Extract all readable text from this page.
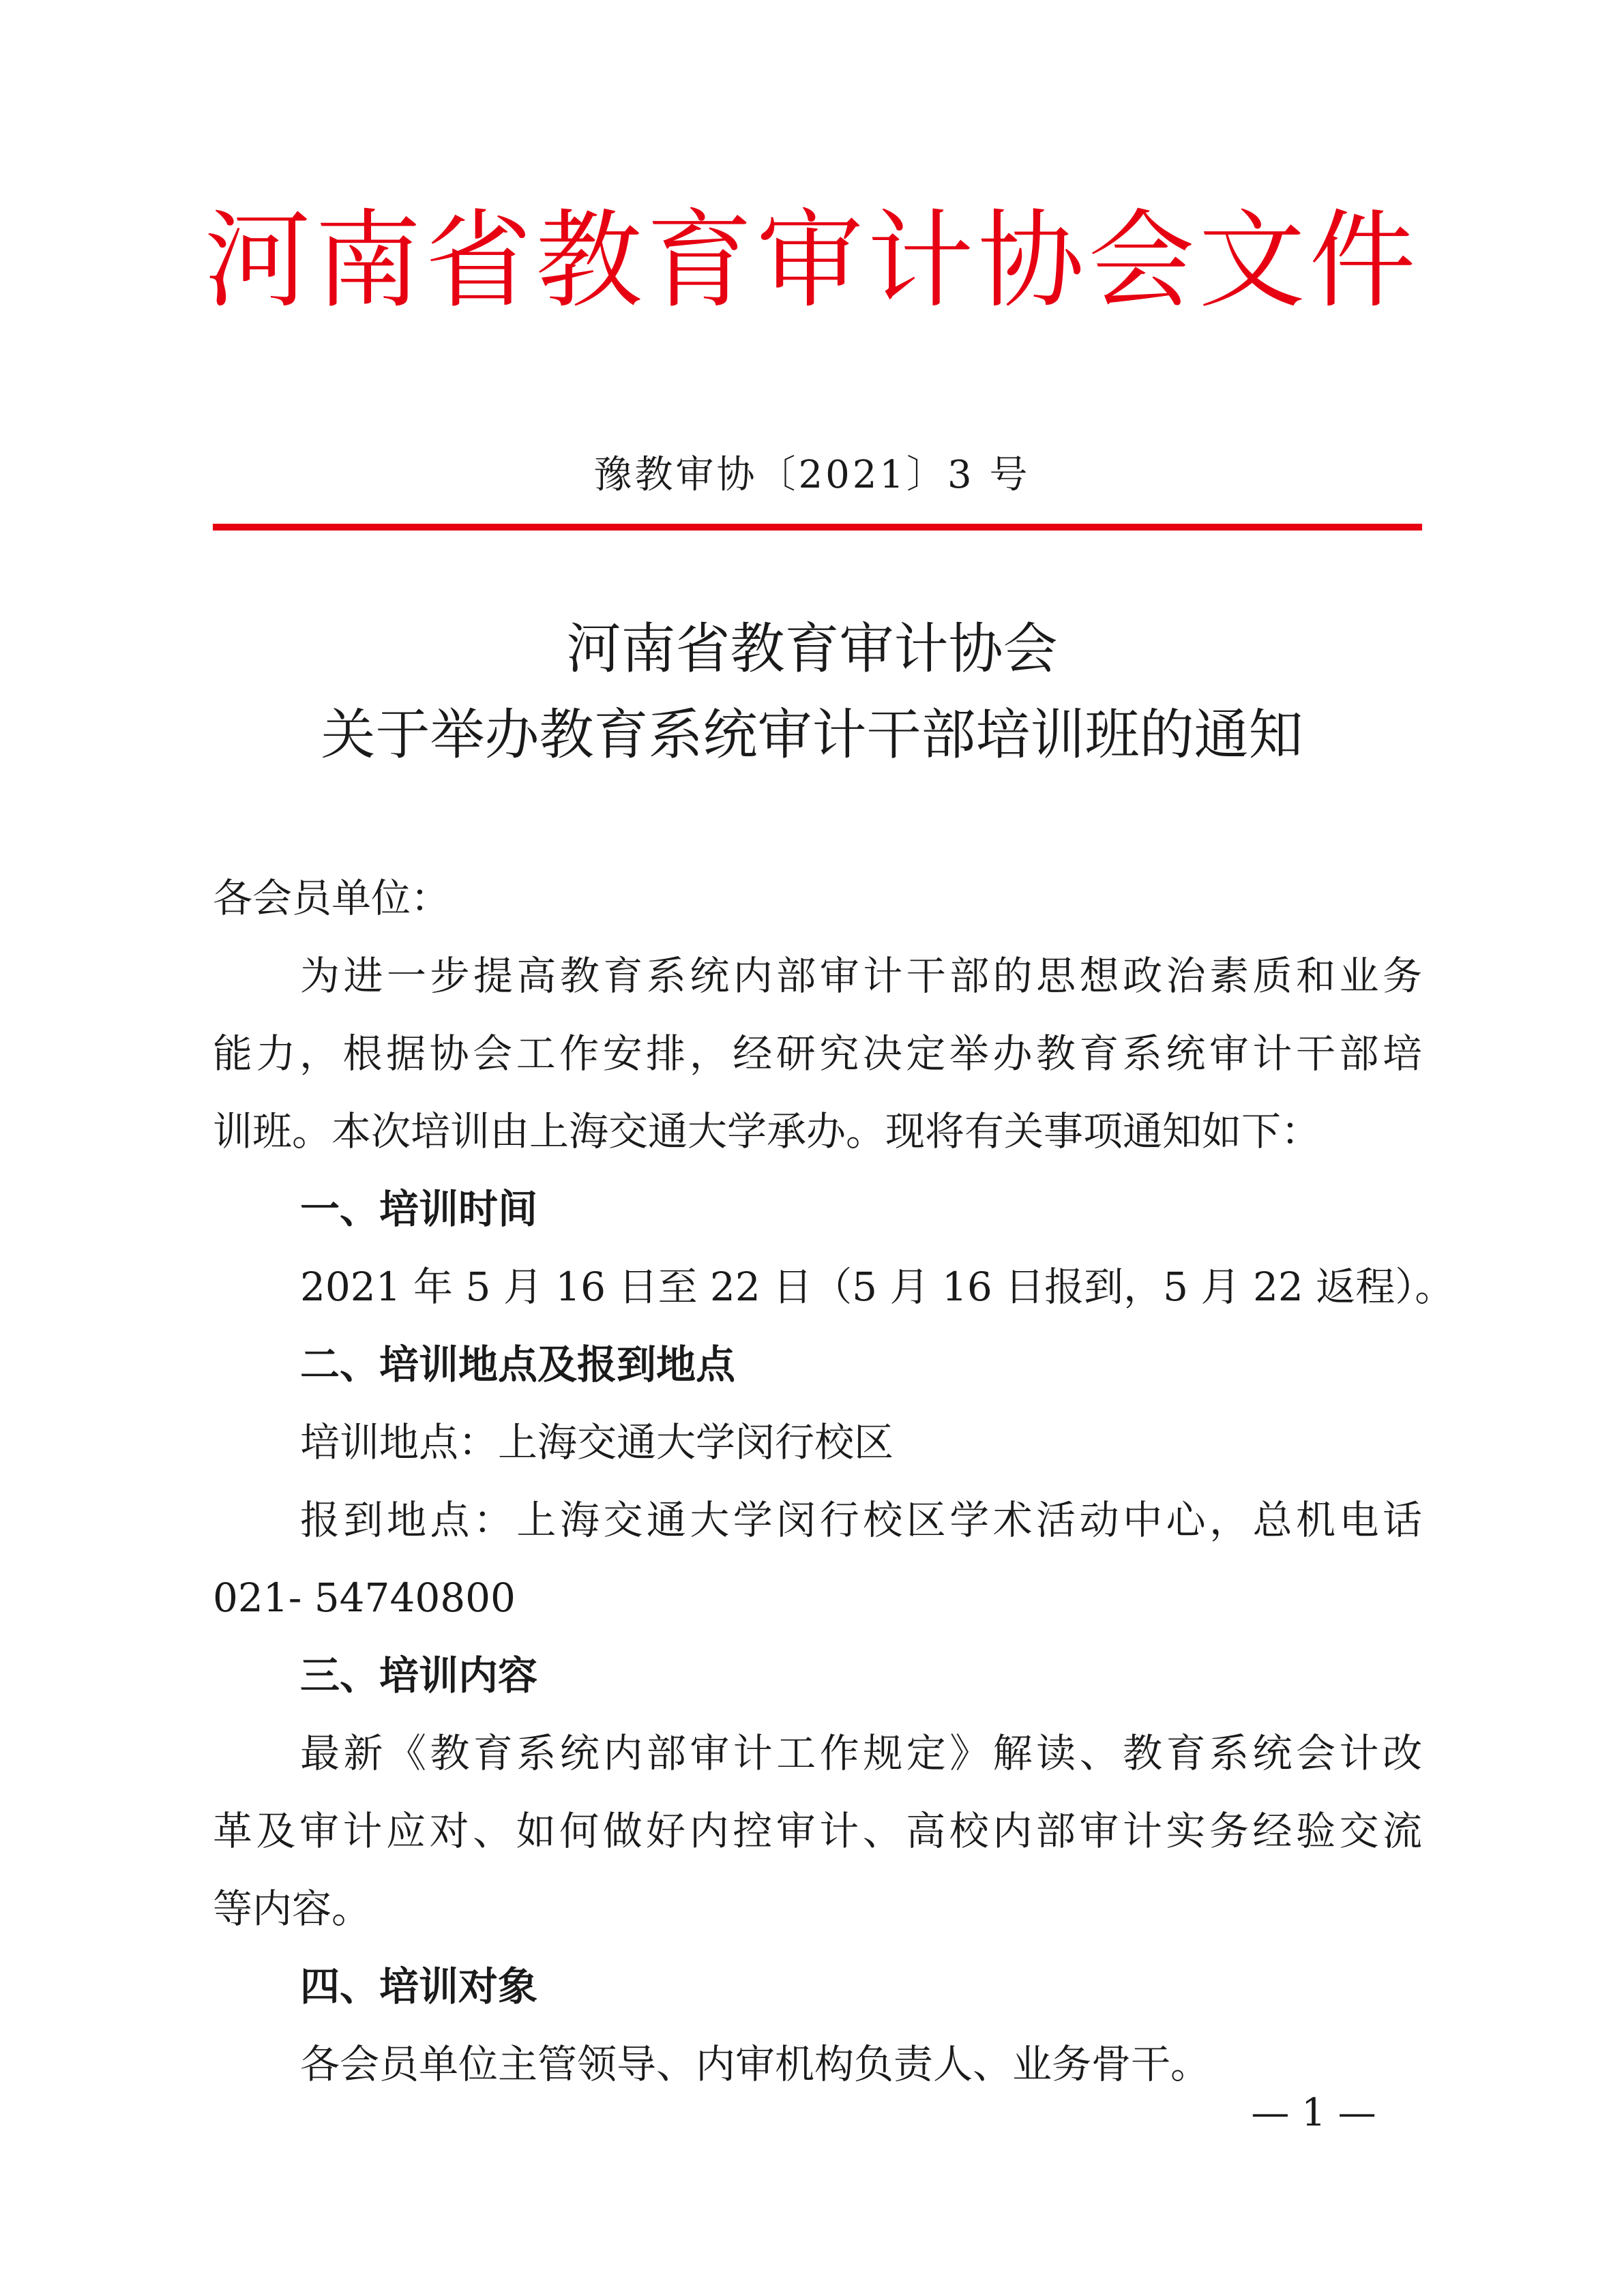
河南省教育审计协会文件
豫教审协〔2021〕3 号
河南省教育审计协会
关于举办教育系统审计干部培训班的通知
各会员单位：
为进一步提高教育系统内部审计干部的思想政治素质和业务
能力，根据协会工作安排，经研究决定举办教育系统审计干部培
训班。本次培训由上海交通大学承办。现将有关事项通知如下：
一、培训时间
2021 年 5 月 16 日至 22 日（5 月 16 日报到，5 月 22 返程）。
二、培训地点及报到地点
培训地点：上海交通大学闵行校区
报到地点：上海交通大学闵行校区学术活动中心，总机电话
021- 54740800
三、培训内容
最新《教育系统内部审计工作规定》解读、教育系统会计改
革及审计应对、如何做好内控审计、高校内部审计实务经验交流
等内容。
四、培训对象
各会员单位主管领导、内审机构负责人、业务骨干。
— 1 —
